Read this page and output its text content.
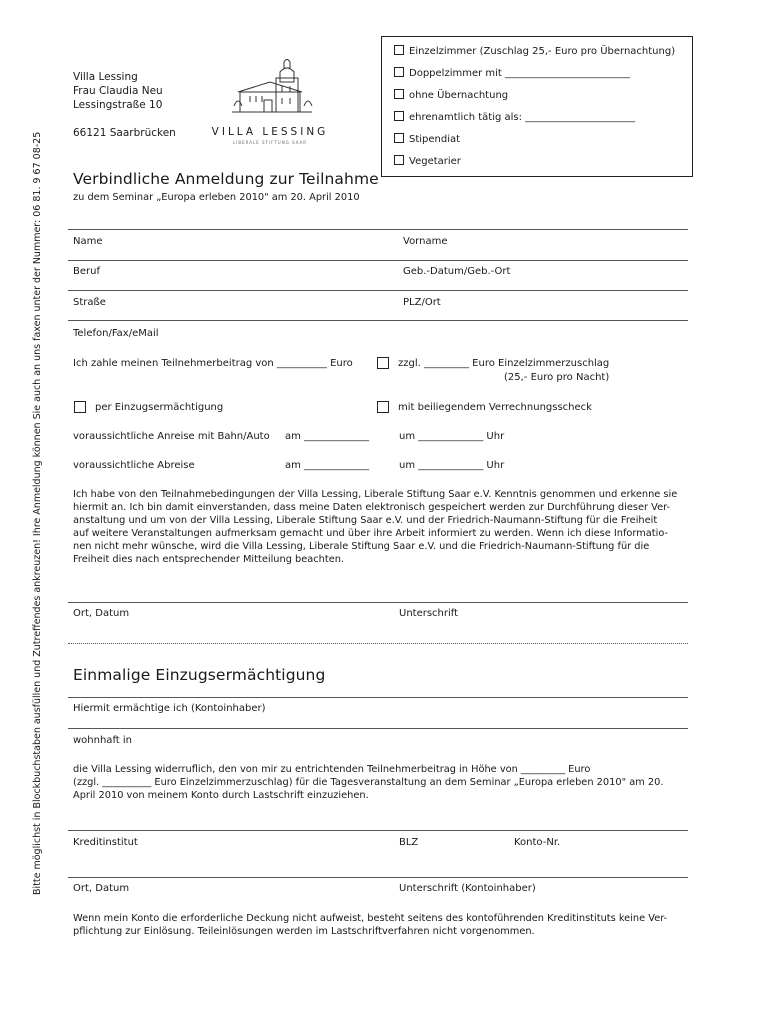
Bitte möglichst in Blockbuchstaben ausfüllen und Zutreffendes ankreuzen! Ihre Anmeldung können Sie auch an uns faxen unter der Nummer: 06 81. 9 67 08-25
Villa Lessing
Frau Claudia Neu
Lessingstraße 10
66121 Saarbrücken	VILLA LESSING
LIBERALE STIFTUNG SAAR
Einzelzimmer (Zuschlag 25,- Euro pro Übernachtung)
Doppelzimmer mit _________________________
ohne Übernachtung
ehrenamtlich tätig als: ______________________
Stipendiat
Vegetarier
Verbindliche Anmeldung zur Teilnahme
zu dem Seminar „Europa erleben 2010" am 20. April 2010
Name	Vorname
Beruf	Geb.-Datum/Geb.-Ort
Straße	PLZ/Ort
Telefon/Fax/eMail
Ich zahle meinen Teilnehmerbeitrag von __________ Euro	zzgl. _________ Euro Einzelzimmerzuschlag
(25,- Euro pro Nacht)
per Einzugsermächtigung	mit beiliegendem Verrechnungsscheck
voraussichtliche Anreise mit Bahn/Auto am _____________	um _____________ Uhr
voraussichtliche Abreise	am _____________	um _____________ Uhr
Ich habe von den Teilnahmebedingungen der Villa Lessing, Liberale Stiftung Saar e.V. Kenntnis genommen und erkenne sie
hiermit an. Ich bin damit einverstanden, dass meine Daten elektronisch gespeichert werden zur Durchführung dieser Ver-
anstaltung und um von der Villa Lessing, Liberale Stiftung Saar e.V. und der Friedrich-Naumann-Stiftung für die Freiheit
auf weitere Veranstaltungen aufmerksam gemacht und über ihre Arbeit informiert zu werden. Wenn ich diese Informatio-
nen nicht mehr wünsche, wird die Villa Lessing, Liberale Stiftung Saar e.V. und die Friedrich-Naumann-Stiftung für die
Freiheit dies nach entsprechender Mitteilung beachten.
Ort, Datum	Unterschrift
Einmalige Einzugsermächtigung
Hiermit ermächtige ich (Kontoinhaber)
wohnhaft in
die Villa Lessing widerruflich, den von mir zu entrichtenden Teilnehmerbeitrag in Höhe von _________ Euro
(zzgl. __________ Euro Einzelzimmerzuschlag) für die Tagesveranstaltung an dem Seminar „Europa erleben 2010" am 20.
April 2010 von meinem Konto durch Lastschrift einzuziehen.
Kreditinstitut	BLZ	Konto-Nr.
Ort, Datum	Unterschrift (Kontoinhaber)
Wenn mein Konto die erforderliche Deckung nicht aufweist, besteht seitens des kontoführenden Kreditinstituts keine Ver-
pflichtung zur Einlösung. Teileinlösungen werden im Lastschriftverfahren nicht vorgenommen.
